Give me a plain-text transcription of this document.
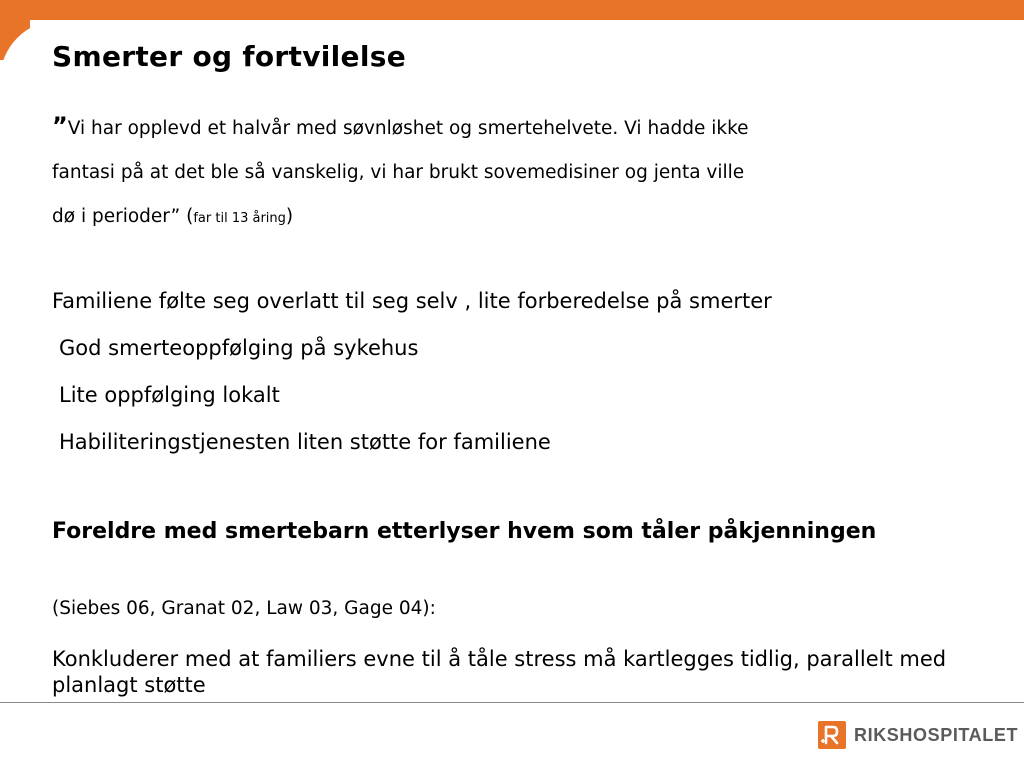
Smerter og fortvilelse
”Vi har opplevd et halvår med søvnløshet og smertehelvete. Vi hadde ikke
fantasi på at det ble så vanskelig, vi har brukt sovemedisiner og jenta ville
dø i perioder” (far til 13 åring)
Familiene følte seg overlatt til seg selv , lite forberedelse på smerter
God smerteoppfølging på sykehus
Lite oppfølging lokalt
Habiliteringstjenesten liten støtte for familiene
Foreldre med smertebarn etterlyser hvem som tåler påkjenningen
(Siebes 06, Granat 02, Law 03, Gage 04):
Konkluderer med at familiers evne til å tåle stress må kartlegges tidlig, parallelt med planlagt støtte
RIKSHOSPITALET
